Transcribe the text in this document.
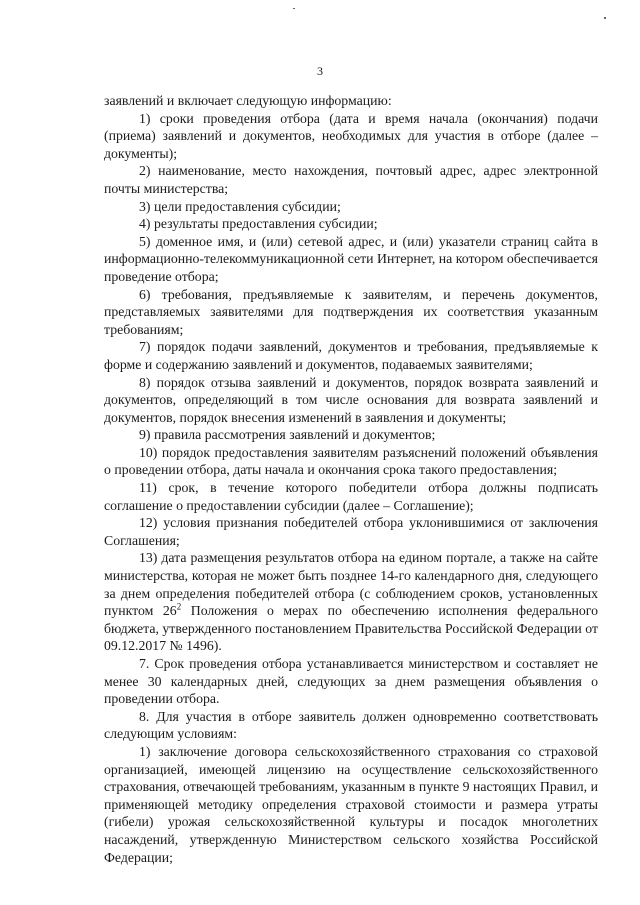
3

заявлений и включает следующую информацию:

1) сроки проведения отбора (дата и время начала (окончания) подачи (приема) заявлений и документов, необходимых для участия в отборе (далее – документы);

2) наименование, место нахождения, почтовый адрес, адрес электронной почты министерства;

3) цели предоставления субсидии;

4) результаты предоставления субсидии;

5) доменное имя, и (или) сетевой адрес, и (или) указатели страниц сайта в информационно-телекоммуникационной сети Интернет, на котором обеспечивается проведение отбора;

6) требования, предъявляемые к заявителям, и перечень документов, представляемых заявителями для подтверждения их соответствия указанным требованиям;

7) порядок подачи заявлений, документов и требования, предъявляемые к форме и содержанию заявлений и документов, подаваемых заявителями;

8) порядок отзыва заявлений и документов, порядок возврата заявлений и документов, определяющий в том числе основания для возврата заявлений и документов, порядок внесения изменений в заявления и документы;

9) правила рассмотрения заявлений и документов;

10) порядок предоставления заявителям разъяснений положений объявления о проведении отбора, даты начала и окончания срока такого предоставления;

11) срок, в течение которого победители отбора должны подписать соглашение о предоставлении субсидии (далее – Соглашение);

12) условия признания победителей отбора уклонившимися от заключения Соглашения;

13) дата размещения результатов отбора на едином портале, а также на сайте министерства, которая не может быть позднее 14-го календарного дня, следующего за днем определения победителей отбора (с соблюдением сроков, установленных пунктом $26^2$ Положения о мерах по обеспечению исполнения федерального бюджета, утвержденного постановлением Правительства Российской Федерации от 09.12.2017 № 1496).

7. Срок проведения отбора устанавливается министерством и составляет не менее 30 календарных дней, следующих за днем размещения объявления о проведении отбора.

8. Для участия в отборе заявитель должен одновременно соответствовать следующим условиям:

1) заключение договора сельскохозяйственного страхования со страховой организацией, имеющей лицензию на осуществление сельскохозяйственного страхования, отвечающей требованиям, указанным в пункте 9 настоящих Правил, и применяющей методику определения страховой стоимости и размера утраты (гибели) урожая сельскохозяйственной культуры и посадок многолетних насаждений, утвержденную Министерством сельского хозяйства Российской Федерации;
